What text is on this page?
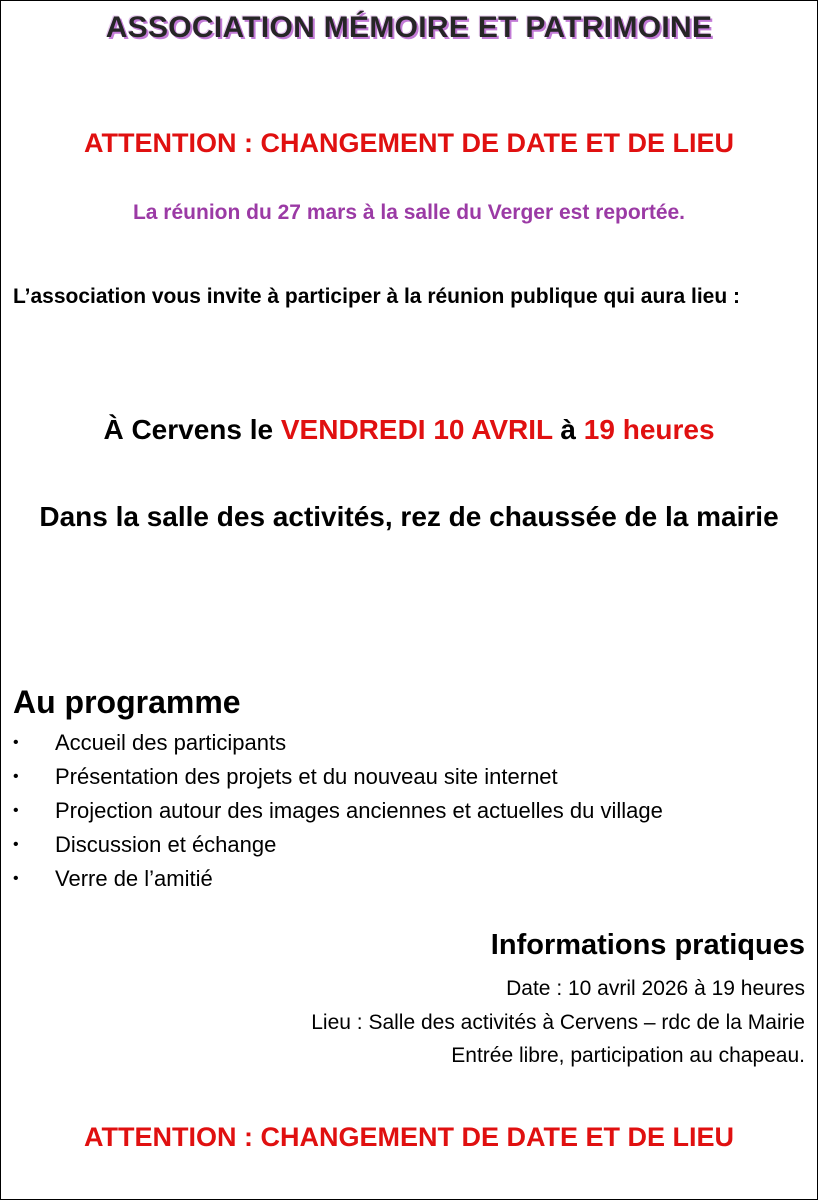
ASSOCIATION MÉMOIRE ET PATRIMOINE

ATTENTION : CHANGEMENT DE DATE ET DE LIEU

La réunion du 27 mars à la salle du Verger est reportée.

L’association vous invite à participer à la réunion publique qui aura lieu :

À Cervens le VENDREDI 10 AVRIL à 19 heures

Dans la salle des activités, rez de chaussée de la mairie

Au programme
• Accueil des participants
• Présentation des projets et du nouveau site internet
• Projection autour des images anciennes et actuelles du village
• Discussion et échange
• Verre de l’amitié
Informations pratiques

Date : 10 avril 2026 à 19 heures

Lieu : Salle des activités à Cervens – rdc de la Mairie

Entrée libre, participation au chapeau.

ATTENTION : CHANGEMENT DE DATE ET DE LIEU
